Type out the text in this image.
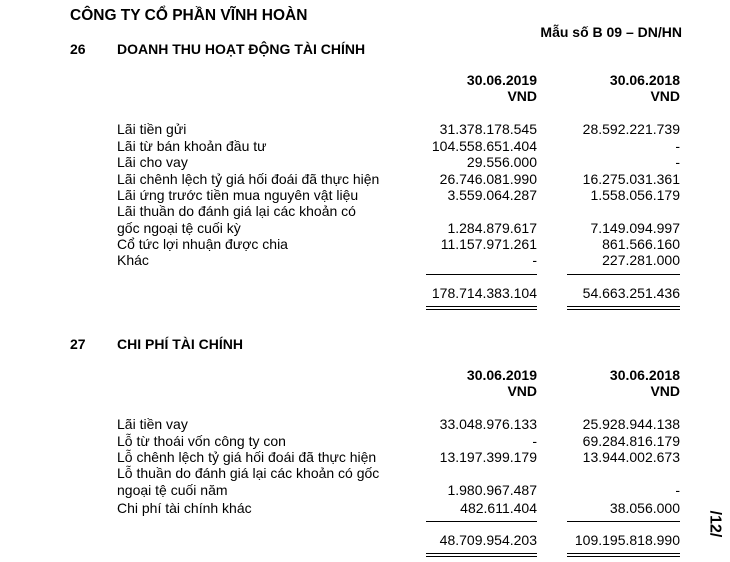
CÔNG TY CỔ PHẦN VĨNH HOÀN
Mẫu số B 09 – DN/HN
26 DOANH THU HOẠT ĐỘNG TÀI CHÍNH
30.06.2019
VND
30.06.2018
VND
Lãi tiền gửi	31.378.178.545	28.592.221.739
Lãi từ bán khoản đầu tư	104.558.651.404	-
Lãi cho vay	29.556.000	-
Lãi chênh lệch tỷ giá hối đoái đã thực hiện	26.746.081.990	16.275.031.361
Lãi ứng trước tiền mua nguyên vật liệu	3.559.064.287	1.558.056.179
Lãi thuần do đánh giá lại các khoản có
gốc ngoại tệ cuối kỳ	1.284.879.617	7.149.094.997
Cổ tức lợi nhuận được chia	11.157.971.261	861.566.160
Khác	-	227.281.000
178.714.383.104	54.663.251.436
27 CHI PHÍ TÀI CHÍNH
30.06.2019
VND
30.06.2018
VND
Lãi tiền vay	33.048.976.133	25.928.944.138
Lỗ từ thoái vốn công ty con	-	69.284.816.179
Lỗ chênh lệch tỷ giá hối đoái đã thực hiện	13.197.399.179	13.944.002.673
Lỗ thuần do đánh giá lại các khoản có gốc
ngoại tệ cuối năm	1.980.967.487	-
Chi phí tài chính khác	482.611.404	38.056.000
48.709.954.203	109.195.818.990
/12/
